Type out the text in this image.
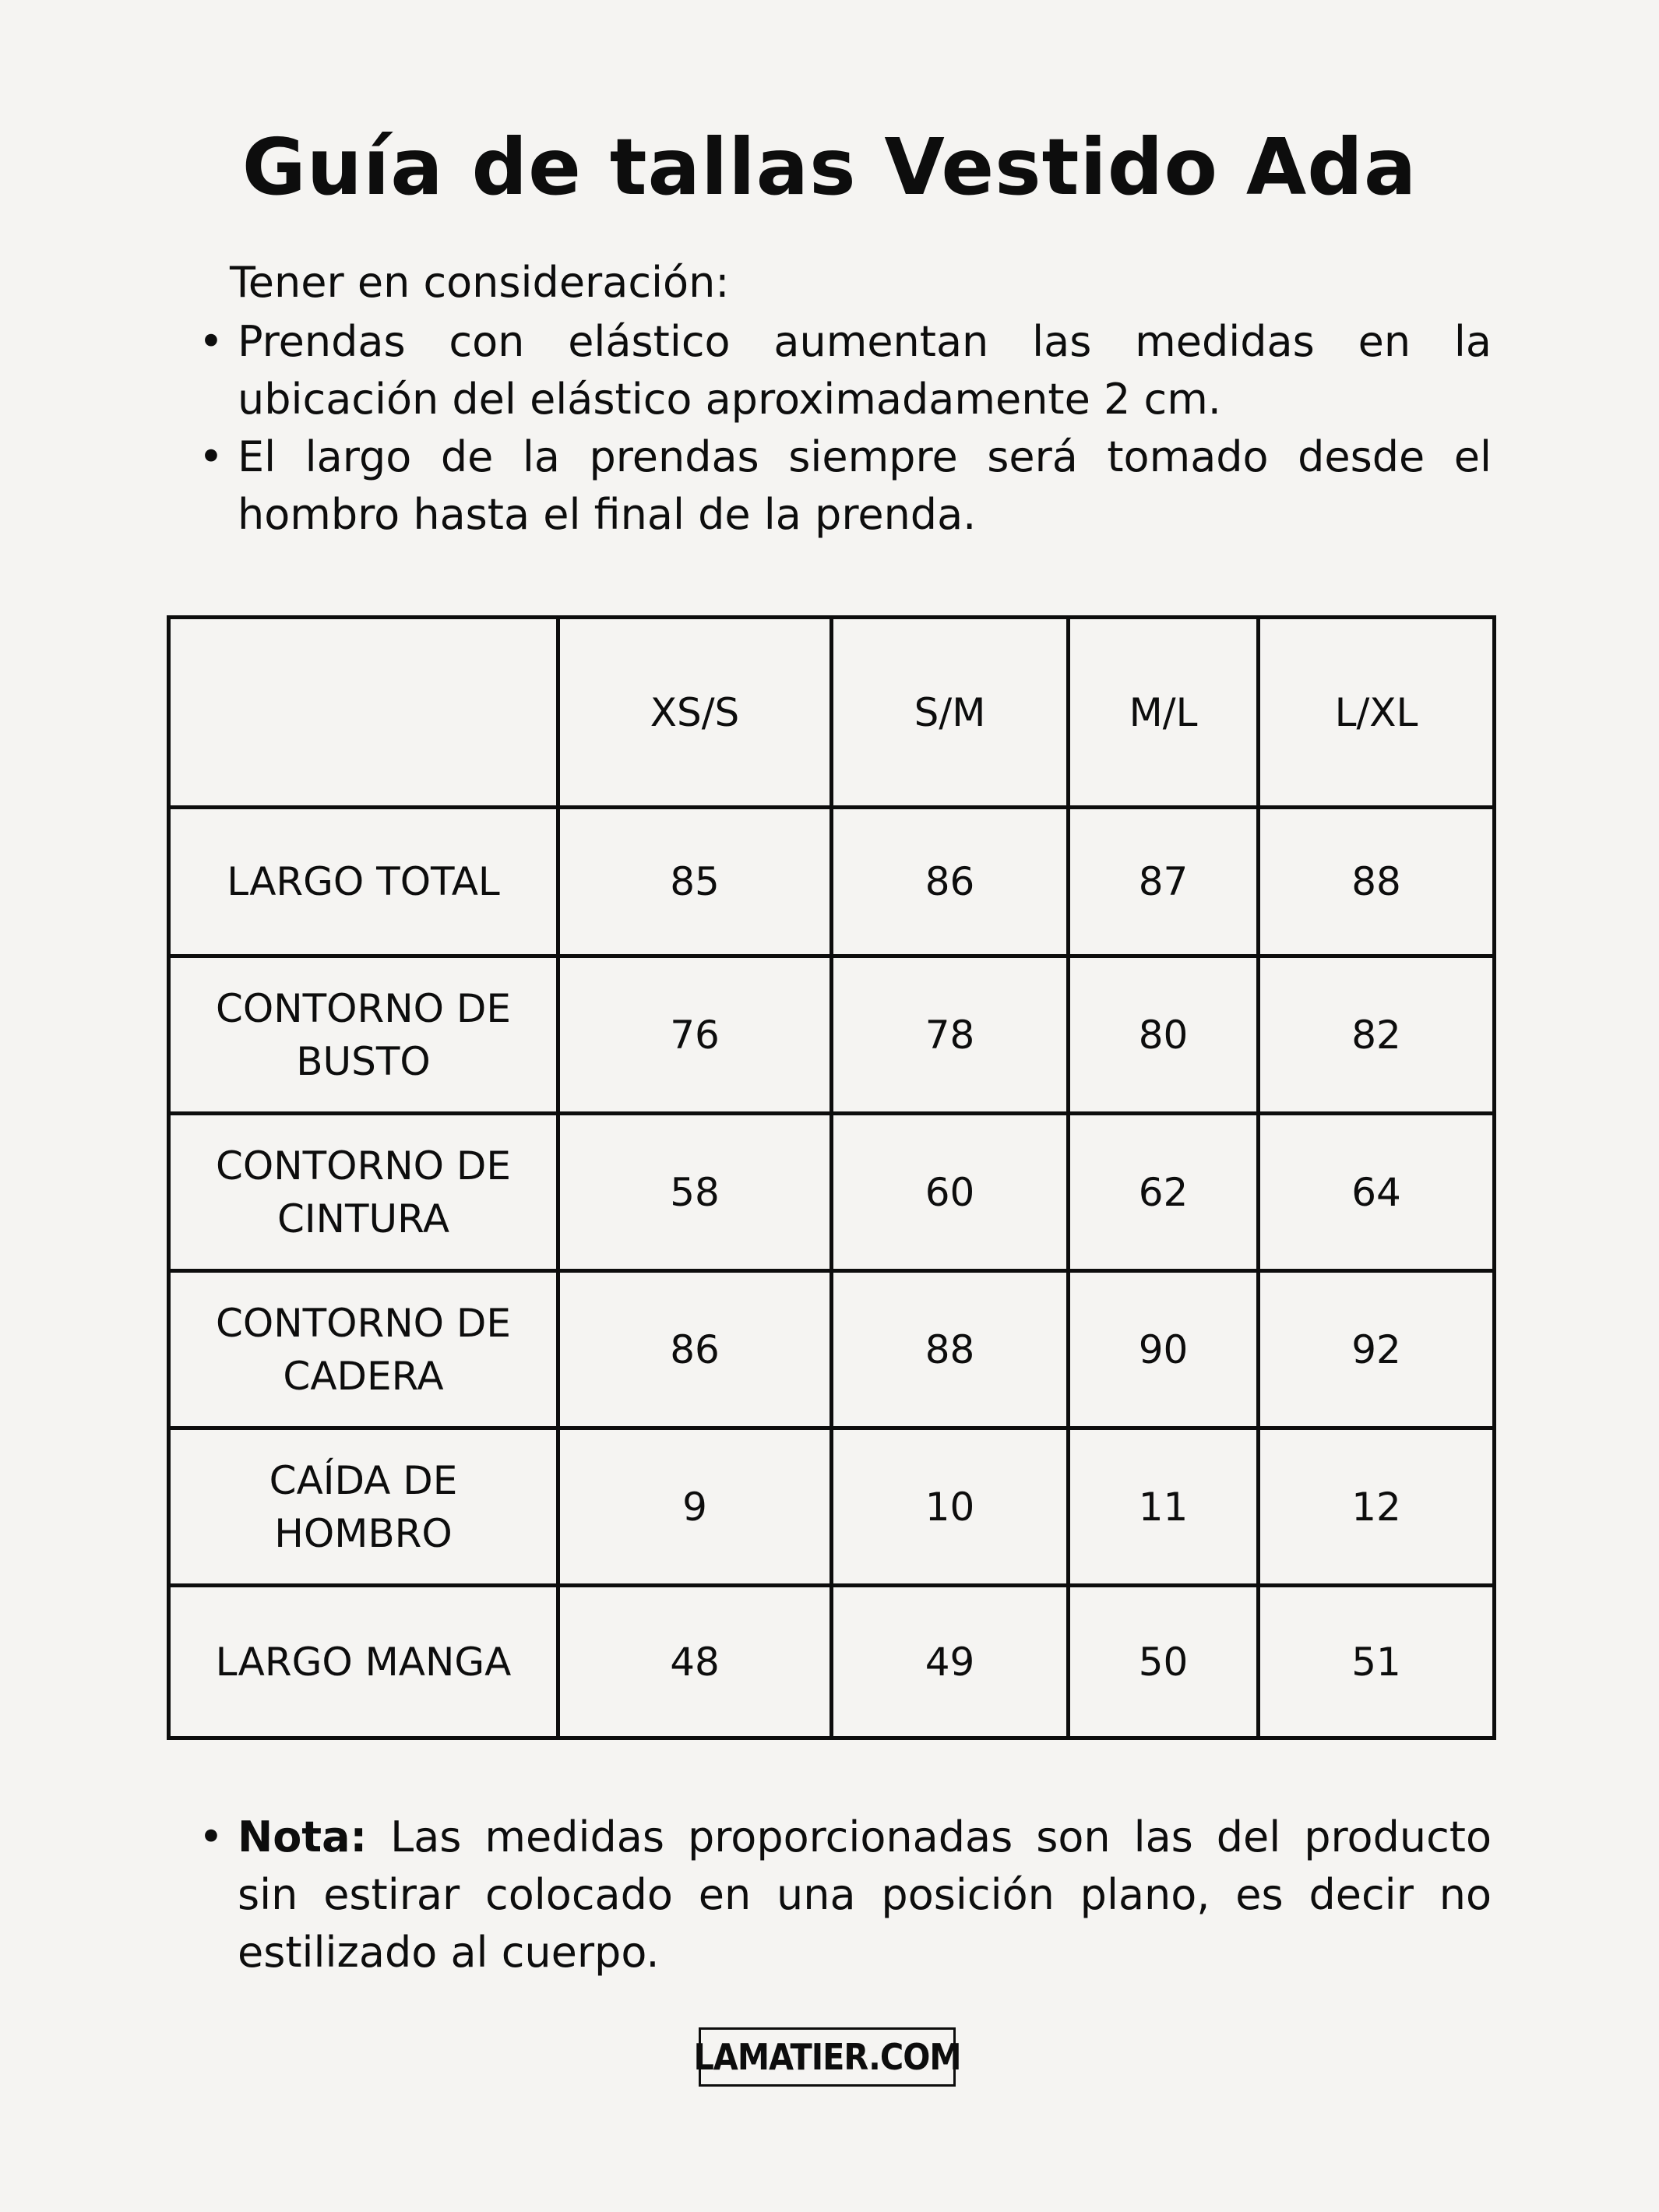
Guía de tallas Vestido Ada
Tener en consideración:
• Prendas con elástico aumentan las medidas en la ubicación del elástico aproximadamente 2 cm.
• El largo de la prendas siempre será tomado desde el hombro hasta el final de la prenda.
	XS/S	S/M	M/L	L/XL
LARGO TOTAL	85	86	87	88
CONTORNO DE BUSTO	76	78	80	82
CONTORNO DE CINTURA	58	60	62	64
CONTORNO DE CADERA	86	88	90	92
CAÍDA DE HOMBRO	9	10	11	12
LARGO MANGA	48	49	50	51
• Nota: Las medidas proporcionadas son las del producto sin estirar colocado en una posición plano, es decir no estilizado al cuerpo.
LAMATIER.COM
